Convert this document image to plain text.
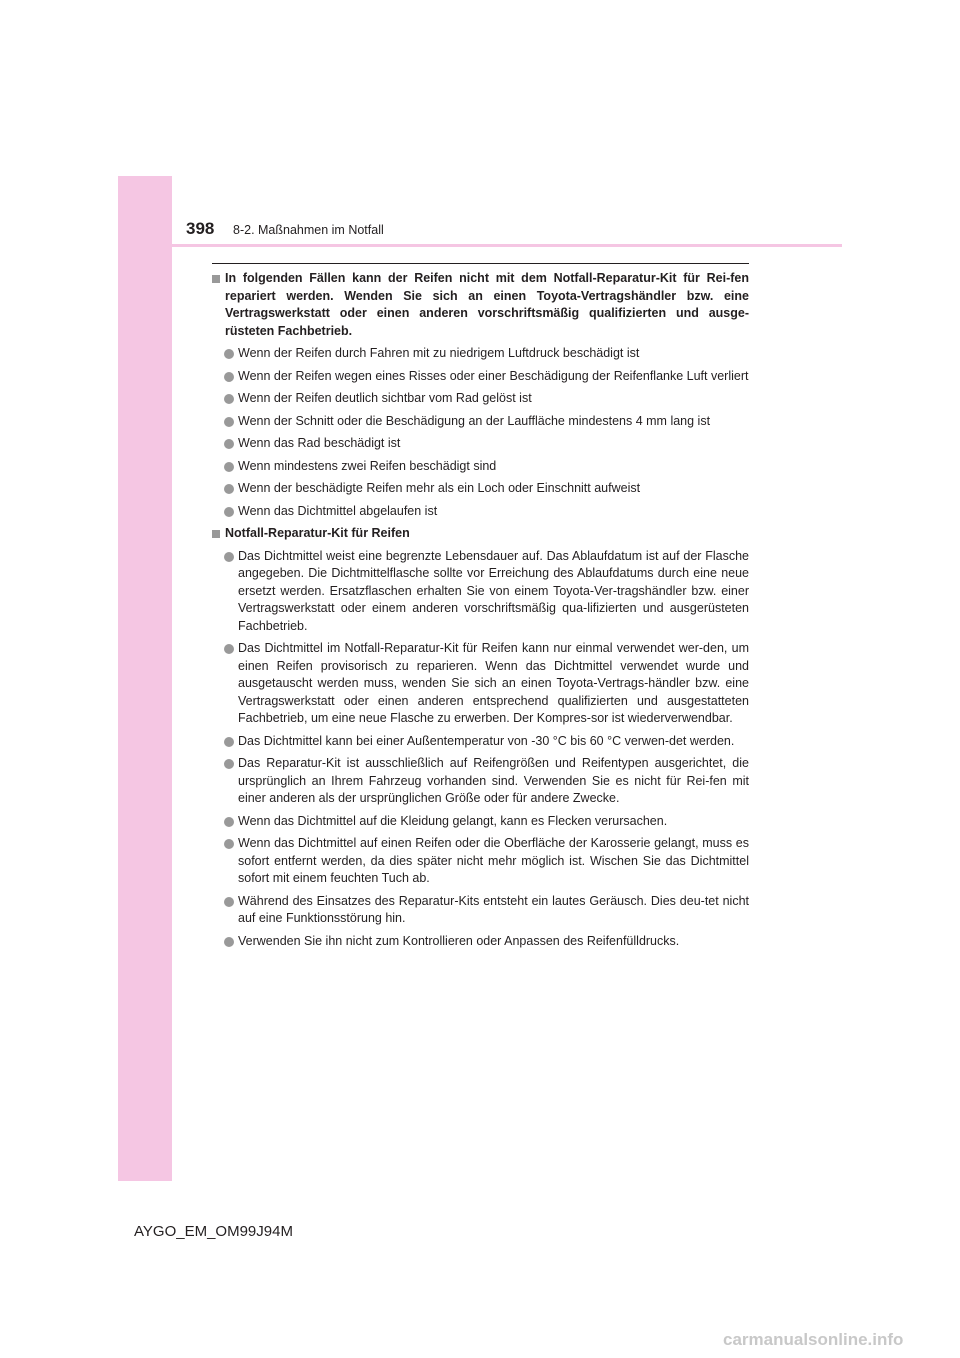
398 8-2. Maßnahmen im Notfall
In folgenden Fällen kann der Reifen nicht mit dem Notfall-Reparatur-Kit für Rei-fen repariert werden. Wenden Sie sich an einen Toyota-Vertragshändler bzw. eine Vertragswerkstatt oder einen anderen vorschriftsmäßig qualifizierten und ausge-rüsteten Fachbetrieb.
Wenn der Reifen durch Fahren mit zu niedrigem Luftdruck beschädigt ist
Wenn der Reifen wegen eines Risses oder einer Beschädigung der Reifenflanke Luft verliert
Wenn der Reifen deutlich sichtbar vom Rad gelöst ist
Wenn der Schnitt oder die Beschädigung an der Lauffläche mindestens 4 mm lang ist
Wenn das Rad beschädigt ist
Wenn mindestens zwei Reifen beschädigt sind
Wenn der beschädigte Reifen mehr als ein Loch oder Einschnitt aufweist
Wenn das Dichtmittel abgelaufen ist
Notfall-Reparatur-Kit für Reifen
Das Dichtmittel weist eine begrenzte Lebensdauer auf. Das Ablaufdatum ist auf der Flasche angegeben. Die Dichtmittelflasche sollte vor Erreichung des Ablaufdatums durch eine neue ersetzt werden. Ersatzflaschen erhalten Sie von einem Toyota-Ver-tragshändler bzw. einer Vertragswerkstatt oder einem anderen vorschriftsmäßig qua-lifizierten und ausgerüsteten Fachbetrieb.
Das Dichtmittel im Notfall-Reparatur-Kit für Reifen kann nur einmal verwendet wer-den, um einen Reifen provisorisch zu reparieren. Wenn das Dichtmittel verwendet wurde und ausgetauscht werden muss, wenden Sie sich an einen Toyota-Vertrags-händler bzw. eine Vertragswerkstatt oder einen anderen entsprechend qualifizierten und ausgestatteten Fachbetrieb, um eine neue Flasche zu erwerben. Der Kompres-sor ist wiederverwendbar.
Das Dichtmittel kann bei einer Außentemperatur von -30 °C bis 60 °C verwen-det werden.
Das Reparatur-Kit ist ausschließlich auf Reifengrößen und Reifentypen ausgerichtet, die ursprünglich an Ihrem Fahrzeug vorhanden sind. Verwenden Sie es nicht für Rei-fen mit einer anderen als der ursprünglichen Größe oder für andere Zwecke.
Wenn das Dichtmittel auf die Kleidung gelangt, kann es Flecken verursachen.
Wenn das Dichtmittel auf einen Reifen oder die Oberfläche der Karosserie gelangt, muss es sofort entfernt werden, da dies später nicht mehr möglich ist. Wischen Sie das Dichtmittel sofort mit einem feuchten Tuch ab.
Während des Einsatzes des Reparatur-Kits entsteht ein lautes Geräusch. Dies deu-tet nicht auf eine Funktionsstörung hin.
Verwenden Sie ihn nicht zum Kontrollieren oder Anpassen des Reifenfülldrucks.
AYGO_EM_OM99J94M
carmanualsonline.info
